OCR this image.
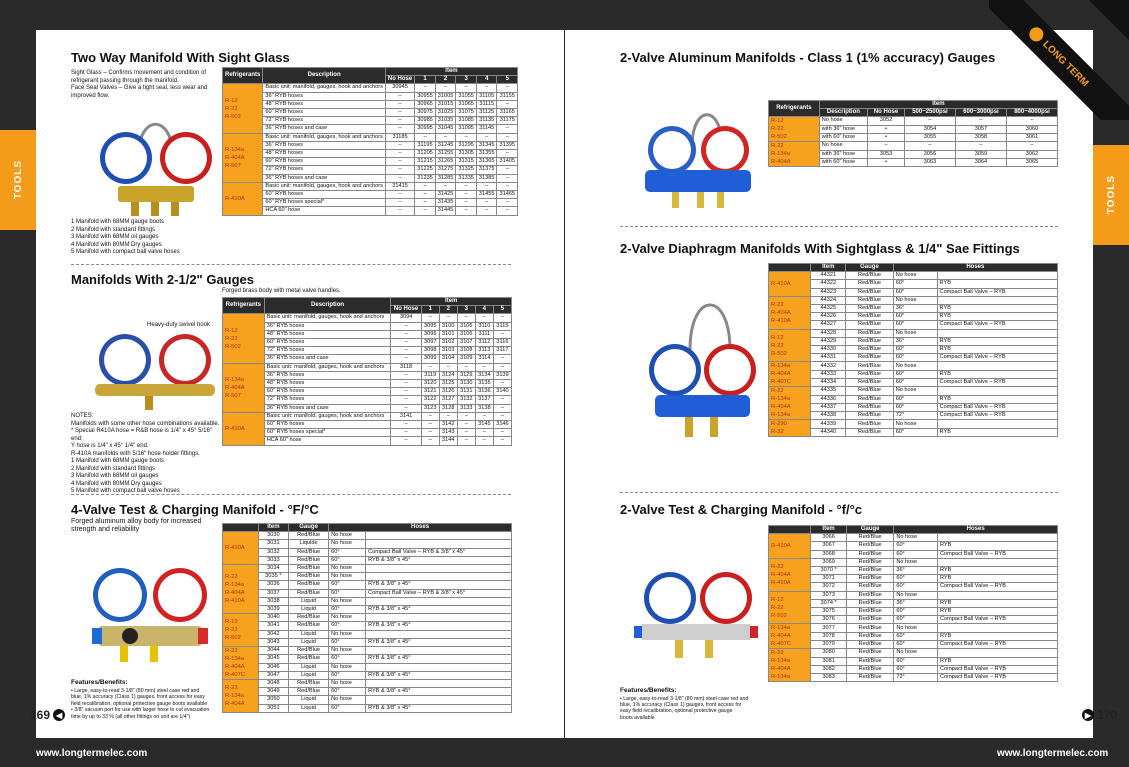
TOOLS	TOOLS
LONG TERM
Two Way Manifold With Sight Glass
Sight Glass – Confirms movement and condition of
refrigerant passing through the manifold.
Face Seal Valves – Give a tight seal, less wear and
improved flow.
1 Manifold with 68MM gauge boots
2 Manifold with standard fittings
3 Manifold with 68MM oil gauges
4 Manifold with 80MM Dry gauges
5 Manifold with compact ball valve hoses
Refrigerants	Description	Item					
		No Hose	1	2	3	4	5

R-12
R-22
R-502	Basic unit: manifold, gauges, hook and anchors	30945	–	–	–	–	–
	36" RYB hoses	–	30955	31005	31055	31105	31155
	48" RYB hoses	–	30965	31015	31065	31115	–
	60" RYB hoses	–	30975	31025	31075	31125	31165
	72" RYB hoses	–	30985	31035	31085	31135	31175
	36" RYB hoses and case	–	30995	31045	31095	31145	–

R-134a
R-404A
R-507	Basic unit: manifold, gauges, hook and anchors	31185	–	–	–	–	–
	36" RYB hoses	–	31195	31245	31295	31345	31395
	48" RYB hoses	–	31205	31255	31305	31355	–
	60" RYB hoses	–	31215	31265	31315	31365	31405
	72" RYB hoses	–	31225	31275	31325	31375	–
	36" RYB hoses and case	–	31235	31285	31335	31385	–

R-410A	Basic unit: manifold, gauges, hook and anchors	31415	–	–	–	–	–
	60" RYB hoses	–	–	31425	–	31455	31465
	60" RYB hoses special*	–	–	31435	–	–	–
	HCA 60" hose	–	–	31445	–	–	–
Manifolds With 2-1/2" Gauges
Forged brass body with metal valve handles.
Heavy-duty swivel hook
NOTES:
Manifolds with some other hose combinations available.
* Special R410A hose = R&B hose is 1/4" x 45° 5/16" end;
Y hose is 1/4" x 45° 1/4" end.
R-410A manifolds with 5/16" hose holder fittings.
1 Manifold with 68MM gauge boots
2 Manifold with standard fittings
3 Manifold with 68MM oil gauges
4 Manifold with 80MM Dry gauges
5 Manifold with compact ball valve hoses
Refrigerants	Description	Item					
		No Hose	1	2	3	4	5

R-12
R-22
R-502	Basic unit: manifold, gauges, hook and anchors	3094	–	–	–	–	–
	36" RYB hoses	–	3095	3100	3105	3110	3115
	48" RYB hoses	–	3096	3101	3106	3111	–
	60" RYB hoses	–	3097	3102	3107	3112	3116
	72" RYB hoses	–	3098	3103	3108	3113	3117
	36" RYB hoses and case	–	3099	3104	3109	3114	–

R-134a
R-404A
R-507	Basic unit: manifold, gauges, hook and anchors	3118	–	–	–	–	–
	36" RYB hoses	–	3119	3124	3129	3134	3139
	48" RYB hoses	–	3120	3125	3130	3135	–
	60" RYB hoses	–	3121	3126	3131	3136	3140
	72" RYB hoses	–	3122	3127	3132	3137	–
	36" RYB hoses and case	–	3123	3128	3133	3138	–

R-410A	Basic unit: manifold, gauges, hook and anchors	3141	–	–	–	–	–
	60" RYB hoses	–	–	3142	–	3145	3146
	60" RYB hoses special*	–	–	3143	–	–	–
	HCA 60" hose	–	–	3144	–	–	–
4-Valve Test & Charging Manifold - °F/°C
Forged aluminum alloy body for increased
strength and reliability
Features/Benefits:
• Large, easy-to-read 3-1/8" (80 mm) steel case red and
blue, 1% accuracy (Class 1) gauges, front access for easy
field recalibration, optional protective gauge boots available
• 3/8" vacuum port for use with larger hose to cut evacuation
time by up to 33 % (all other fittings on unit are 1/4")
	Item	Gauge	Hoses	

R-410A	3030	Red/Blue	No hose	
	3031	Liquide	No hose	
	3032	Red/Blue	60°	Compact Ball Valve – RYB & 3/8" x 45°
	3033	Red/Blue	60°	RYB & 3/8" x 45°

R-22
R-134a
R-404A
R-410A	3034	Red/Blue	No hose	
	3035 *	Red/Blue	No hose	
	3036	Red/Blue	60°	RYB & 3/8" x 45°
	3037	Red/Blue	60°	Compact Ball Valve – RYB & 3/8" x 45°
	3038	Liquid	No hose	
	3039	Liquid	60°	RYB & 3/8" x 45°

R-12
R-22
R-502	3040	Red/Blue	No hose	
	3041	Red/Blue	60°	RYB & 3/8" x 45°
	3042	Liquid	No hose	
	3043	Liquid	60°	RYB & 3/8" x 45°

R-22
R-134a
R-404A
R-407C	3044	Red/Blue	No hose	
	3045	Red/Blue	60°	RYB & 3/8" x 45°
	3046	Liquid	No hose	
	3047	Liquid	60°	RYB & 3/8" x 45°

R-22
R-134a
R-404A	3048	Red/Blue	No hose	
	3049	Red/Blue	60°	RYB & 3/8" x 45°
	3050	Liquid	No hose	
	3051	Liquid	60°	RYB & 3/8" x 45°
169 ◀
www.longtermelec.com
2-Valve Aluminum Manifolds - Class 1 (1% accuracy) Gauges
Refrigerants	Item				
	Description	No Hose	500~2500psi	600~3000psi	800~4000psi

R-12
R-22
R-502	No hose	3052	–	–	–
	with 36" hose	•	3054	3057	3060
	with 60" hose	•	3055	3058	3061

R-22
R-134a
R-404A	No hose	–	–	–	–
	with 36" hose	3053	3056	3059	3062
	with 60" hose	•	3063	3064	3065
2-Valve Diaphragm Manifolds With Sightglass & 1/4" Sae Fittings
	Item	Gauge	Hoses	

R-410A	44321	Red/Blue	No hose	
	44322	Red/Blue	60°	RYB
	44323	Red/Blue	60°	Compact Ball Valve – RYB

R-22
R-404A
R-410A	44324	Red/Blue	No hose	
	44325	Red/Blue	36°	RYB
	44326	Red/Blue	60°	RYB
	44327	Red/Blue	60°	Compact Ball Valve – RYB

R-12
R-22
R-502	44328	Red/Blue	No hose	
	44329	Red/Blue	36°	RYB
	44330	Red/Blue	60°	RYB
	44331	Red/Blue	60°	Compact Ball Valve – RYB

R-134a
R-404A
R-407C	44332	Red/Blue	No hose	
	44333	Red/Blue	60°	RYB
	44334	Red/Blue	60°	Compact Ball Valve – RYB

R-22
R-134a
R-404A
R-134a	44335	Red/Blue	No hose	
	44336	Red/Blue	60°	RYB
	44337	Red/Blue	60°	Compact Ball Valve – RYB
	44338	Red/Blue	72°	Compact Ball Valve – RYB

R-290
R-32	44339	Red/Blue	No hose	
	44340	Red/Blue	60°	RYB
2-Valve Test & Charging Manifold - °f/°c
Features/Benefits:
• Large, easy-to-read 3-1/8" (80 mm) steel case red and
blue, 1% accuracy (Class 1) gauges, front access for
easy field recalibration, optional protective gauge
boots available
	Item	Gauge	Hoses	

R-410A	3066	Red/Blue	No hose	
	3067	Red/Blue	60°	RYB
	3068	Red/Blue	60°	Compact Ball Valve – RYB

R-22
R-404A
R-410A	3069	Red/Blue	No hose	
	3070 *	Red/Blue	36°	RYB
	3071	Red/Blue	60°	RYB
	3072	Red/Blue	60°	Compact Ball Valve – RYB

R-12
R-22
R-502	3073	Red/Blue	No hose	
	3074 *	Red/Blue	36°	RYB
	3075	Red/Blue	60°	RYB
	3076	Red/Blue	60°	Compact Ball Valve – RYB

R-134a
R-404A
R-407C	3077	Red/Blue	No hose	
	3078	Red/Blue	60°	RYB
	3079	Red/Blue	60°	Compact Ball Valve – RYB

R-22
R-134a
R-404A
R-134a	3080	Red/Blue	No hose	
	3081	Red/Blue	60°	RYB
	3082	Red/Blue	60°	Compact Ball Valve – RYB
	3083	Red/Blue	72°	Compact Ball Valve – RYB
▶ 170
www.longtermelec.com
